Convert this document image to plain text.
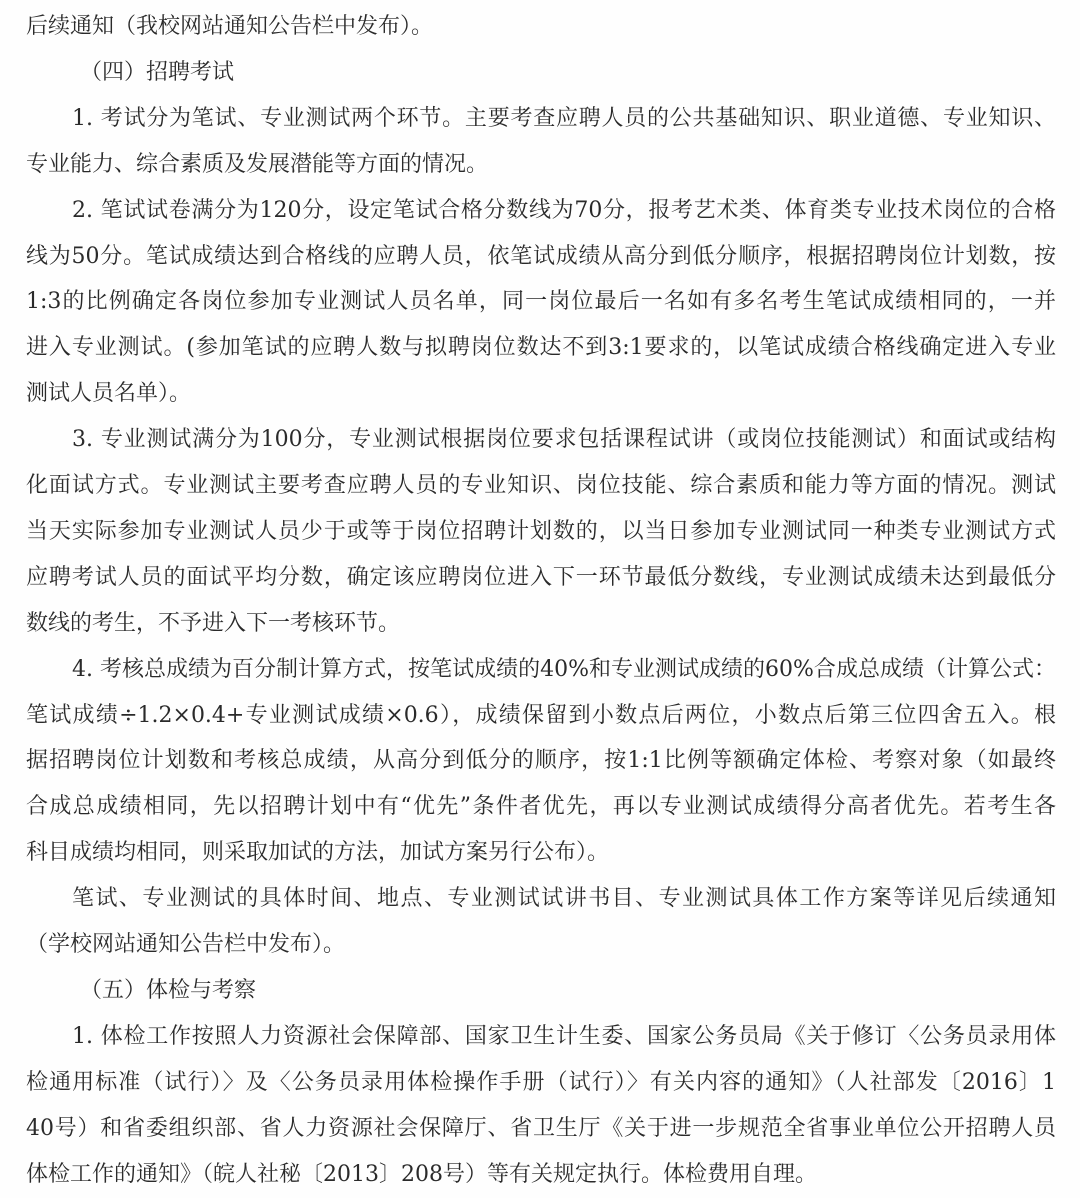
后续通知（我校网站通知公告栏中发布）。
（四）招聘考试
1. 考试分为笔试、专业测试两个环节。主要考查应聘人员的公共基础知识、职业道德、专业知识、
专业能力、综合素质及发展潜能等方面的情况。
2. 笔试试卷满分为120分，设定笔试合格分数线为70分，报考艺术类、体育类专业技术岗位的合格
线为50分。笔试成绩达到合格线的应聘人员，依笔试成绩从高分到低分顺序，根据招聘岗位计划数，按
1:3的比例确定各岗位参加专业测试人员名单，同一岗位最后一名如有多名考生笔试成绩相同的，一并
进入专业测试。(参加笔试的应聘人数与拟聘岗位数达不到3:1要求的，以笔试成绩合格线确定进入专业
测试人员名单）。
3. 专业测试满分为100分，专业测试根据岗位要求包括课程试讲（或岗位技能测试）和面试或结构
化面试方式。专业测试主要考查应聘人员的专业知识、岗位技能、综合素质和能力等方面的情况。测试
当天实际参加专业测试人员少于或等于岗位招聘计划数的，以当日参加专业测试同一种类专业测试方式
应聘考试人员的面试平均分数，确定该应聘岗位进入下一环节最低分数线，专业测试成绩未达到最低分
数线的考生，不予进入下一考核环节。
4. 考核总成绩为百分制计算方式，按笔试成绩的40%和专业测试成绩的60%合成总成绩（计算公式：
笔试成绩÷1.2×0.4+专业测试成绩×0.6），成绩保留到小数点后两位，小数点后第三位四舍五入。根
据招聘岗位计划数和考核总成绩，从高分到低分的顺序，按1:1比例等额确定体检、考察对象（如最终
合成总成绩相同，先以招聘计划中有“优先”条件者优先，再以专业测试成绩得分高者优先。若考生各
科目成绩均相同，则采取加试的方法，加试方案另行公布）。
笔试、专业测试的具体时间、地点、专业测试试讲书目、专业测试具体工作方案等详见后续通知
（学校网站通知公告栏中发布）。
（五）体检与考察
1. 体检工作按照人力资源社会保障部、国家卫生计生委、国家公务员局《关于修订〈公务员录用体
检通用标准（试行）〉及〈公务员录用体检操作手册（试行）〉有关内容的通知》（人社部发〔2016〕1
40号）和省委组织部、省人力资源社会保障厅、省卫生厅《关于进一步规范全省事业单位公开招聘人员
体检工作的通知》（皖人社秘〔2013〕208号）等有关规定执行。体检费用自理。
